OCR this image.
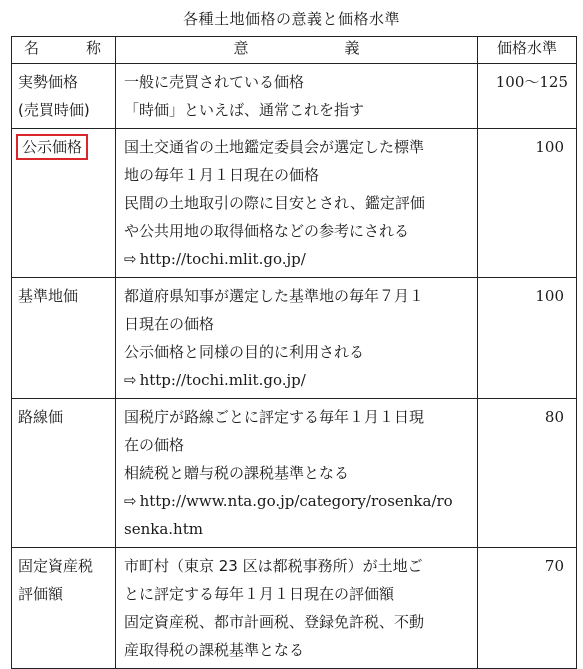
各種土地価格の意義と価格水準
名 称	意 義	価格水準

実勢価格
(売買時価)	一般に売買されている価格
「時価」といえば、通常これを指す	100〜125

公示価格	国土交通省の土地鑑定委員会が選定した標準
地の毎年１月１日現在の価格
民間の土地取引の際に目安とされ、鑑定評価
や公共用地の取得価格などの参考にされる
⇨ http://tochi.mlit.go.jp/	100

基準地価	都道府県知事が選定した基準地の毎年７月１
日現在の価格
公示価格と同様の目的に利用される
⇨ http://tochi.mlit.go.jp/	100

路線価	国税庁が路線ごとに評定する毎年１月１日現
在の価格
相続税と贈与税の課税基準となる
⇨ http://www.nta.go.jp/category/rosenka/ro
senka.htm	80

固定資産税
評価額	市町村（東京 23 区は都税事務所）が土地ご
とに評定する毎年１月１日現在の評価額
固定資産税、都市計画税、登録免許税、不動
産取得税の課税基準となる	70
